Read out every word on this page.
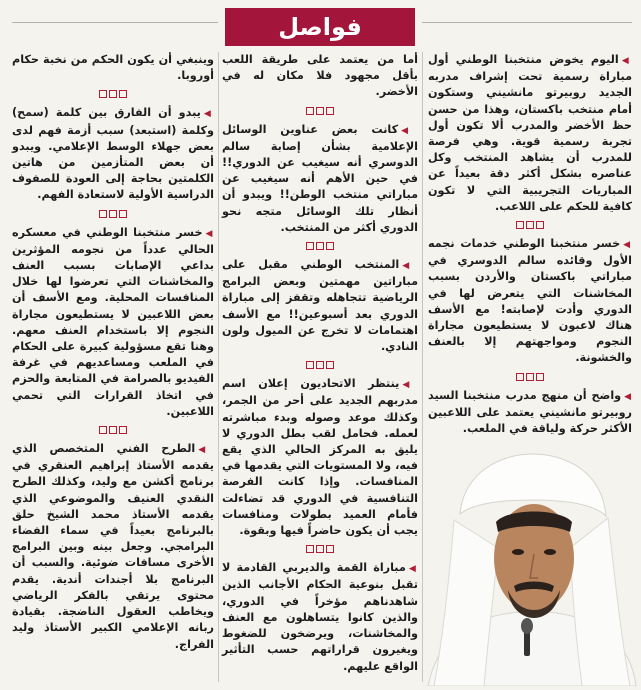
فواصل

◀اليوم يخوض منتخبنا الوطني أول مباراة رسمية تحت إشراف مدربه الجديد روبيرتو مانشيني وستكون أمام منتخب باكستان، وهذا من حسن حظ الأخضر والمدرب ألا تكون أول تجربة رسمية قوية. وهي فرصة للمدرب أن يشاهد المنتخب وكل عناصره بشكل أكثر دقة بعيداً عن المباريات التجريبية التي لا تكون كافية للحكم على اللاعب.

◀خسر منتخبنا الوطني خدمات نجمه الأول وقائده سالم الدوسري في مباراتي باكستان والأردن بسبب المخاشنات التي يتعرض لها في الدوري وأدت لإصابته! مع الأسف هناك لاعبون لا يستطيعون مجاراة النجوم ومواجهتهم إلا بالعنف والخشونة.

◀واضح أن منهج مدرب منتخبنا السيد روبيرتو مانشيني يعتمد على اللاعبين الأكثر حركة ولياقة في الملعب.

أما من يعتمد على طريقة اللعب بأقل مجهود فلا مكان له في الأخضر.

◀كانت بعض عناوين الوسائل الإعلامية بشأن إصابة سالم الدوسري أنه سيغيب عن الدوري!! في حين الأهم أنه سيغيب عن مباراتي منتخب الوطن!! ويبدو أن أنظار تلك الوسائل متجه نحو الدوري أكثر من المنتخب.

◀المنتخب الوطني مقبل على مباراتين مهمتين وبعض البرامج الرياضية تتجاهله وتقفز إلى مباراة الدوري بعد أسبوعين!! مع الأسف اهتمامات لا تخرج عن الميول ولون النادي.

◀ينتظر الاتحاديون إعلان اسم مدربهم الجديد على أحر من الجمر، وكذلك موعد وصوله وبدء مباشرته لعمله. فحامل لقب بطل الدوري لا يليق به المركز الحالي الذي يقع فيه، ولا المستويات التي يقدمها في المنافسات. وإذا كانت الفرصة التنافسية في الدوري قد تضاءلت فأمام العميد بطولات ومنافسات يجب أن يكون حاضراً فيها وبقوة.

◀مباراة القمة والديربي القادمة لا تقبل بنوعية الحكام الأجانب الذين شاهدناهم مؤخراً في الدوري، والذين كانوا يتساهلون مع العنف والمخاشنات، ويرضخون للضغوط ويغيرون قراراتهم حسب التأثير الواقع عليهم.

وينبغي أن يكون الحكم من نخبة حكام أوروبا.

◀يبدو أن الفارق بين كلمة (سمح) وكلمة (استبعد) سبب أزمة فهم لدى بعض جهلاء الوسط الإعلامي. ويبدو أن بعض المتأزمين من هاتين الكلمتين بحاجة إلى العودة للصفوف الدراسية الأولية لاستعادة الفهم.

◀خسر منتخبنا الوطني في معسكره الحالي عدداً من نجومه المؤثرين بداعي الإصابات بسبب العنف والمخاشنات التي تعرضوا لها خلال المنافسات المحلية. ومع الأسف أن بعض اللاعبين لا يستطيعون مجاراة النجوم إلا باستخدام العنف معهم. وهنا تقع مسؤولية كبيرة على الحكام في الملعب ومساعديهم في غرفة الفيديو بالصرامة في المتابعة والحزم في اتخاذ القرارات التي تحمي اللاعبين.

◀الطرح الفني المتخصص الذي يقدمه الأستاذ إبراهيم العنقري في برنامج أكشن مع وليد، وكذلك الطرح النقدي العنيف والموضوعي الذي يقدمه الأستاذ محمد الشيخ حلق بالبرنامج بعيداً في سماء الفضاء البرامجي. وجعل بينه وبين البرامج الأخرى مسافات ضوئية. والسبب أن البرنامج بلا أجندات أندية. يقدم محتوى يرتقي بالفكر الرياضي ويخاطب العقول الناضجة. بقيادة ربانه الإعلامي الكبير الأستاذ وليد الفراج.
